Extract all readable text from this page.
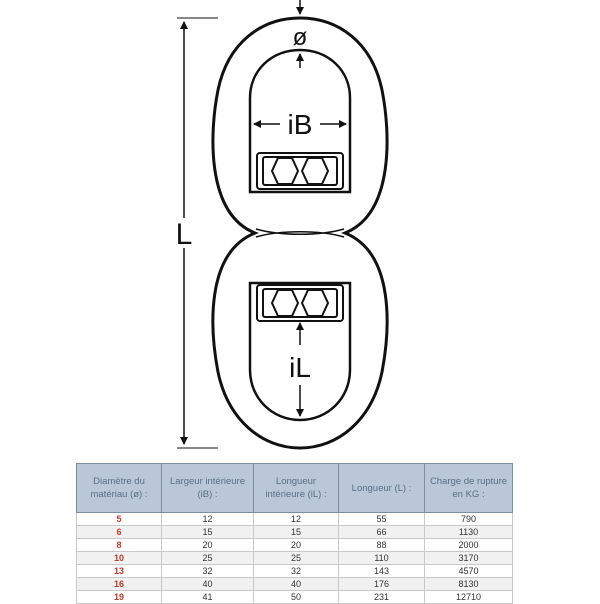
L
ø
iB
iL
Diamètre du matériau (ø) :	Largeur intérieure (iB) :	Longueur intérieure (iL) :	Longueur (L) :	Charge de rupture en KG :
5	12	12	55	790
6	15	15	66	1130
8	20	20	88	2000
10	25	25	110	3170
13	32	32	143	4570
16	40	40	176	8130
19	41	50	231	12710
